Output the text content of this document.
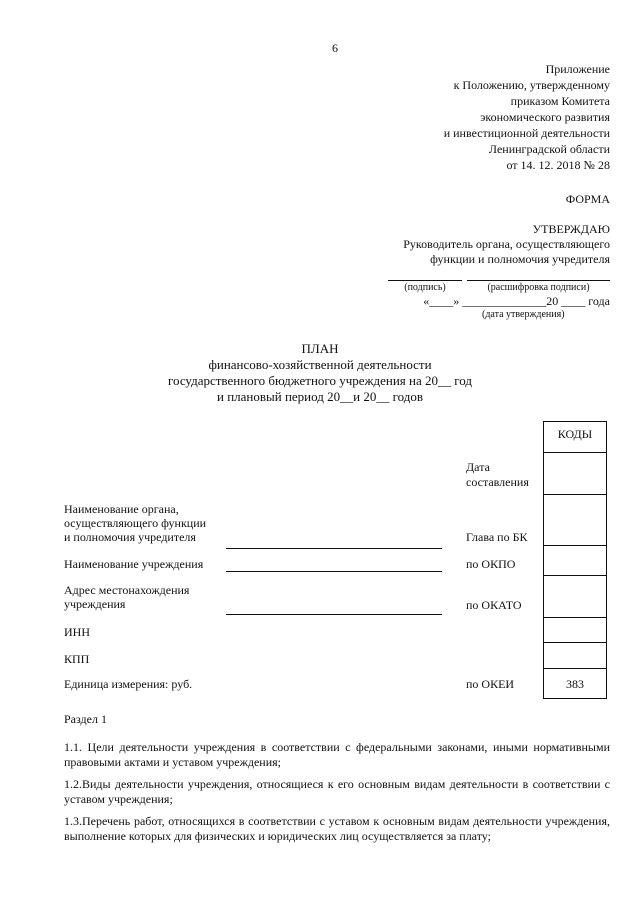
6
Приложение
к Положению, утвержденному
приказом Комитета
экономического развития
и инвестиционной деятельности
Ленинградской области
от 14. 12. 2018 № 28
ФОРМА
УТВЕРЖДАЮ
Руководитель органа, осуществляющего
функции и полномочия учредителя
(подпись)	(расшифровка подписи)
«____» ______________20 ____ года
(дата утверждения)
ПЛАН
финансово-хозяйственной деятельности
государственного бюджетного учреждения на 20__ год
и плановый период 20__и 20__ годов
КОДЫ
383
Дата
составления
Глава по БК
по ОКПО
по ОКАТО
по ОКЕИ
Наименование органа,
осуществляющего функции
и полномочия учредителя
Наименование учреждения
Адрес местонахождения
учреждения
ИНН
КПП
Единица измерения: руб.
Раздел 1
1.1. Цели деятельности учреждения в соответствии с федеральными законами, иными нормативными правовыми актами и уставом учреждения;
1.2.Виды деятельности учреждения, относящиеся к его основным видам деятельности в соответствии с уставом учреждения;
1.3.Перечень работ, относящихся в соответствии с уставом к основным видам деятельности учреждения, выполнение которых для физических и юридических лиц осуществляется за плату;
